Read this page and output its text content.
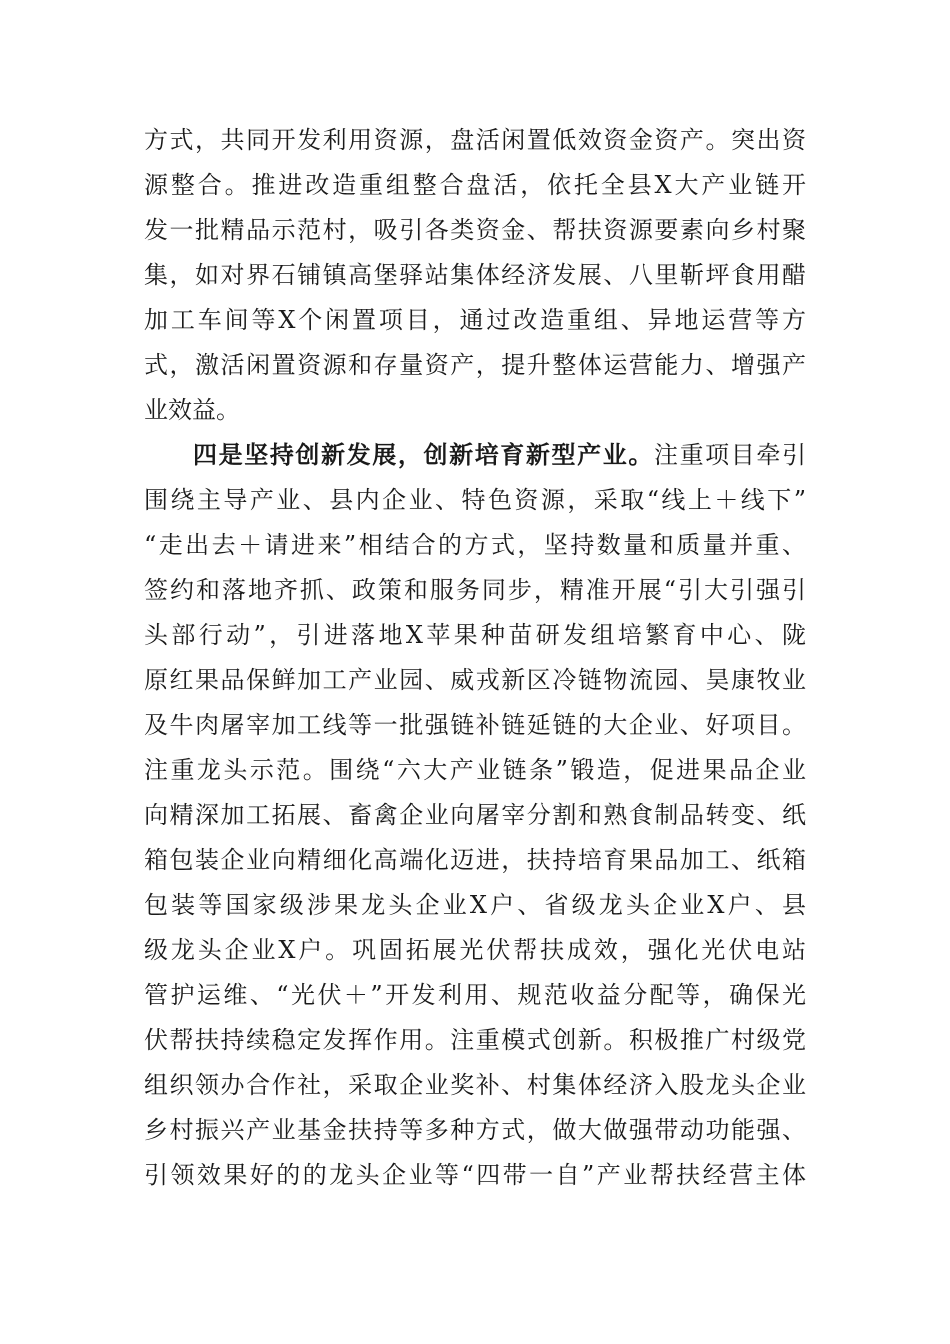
方式，共同开发利用资源，盘活闲置低效资金资产。突出资
源整合。推进改造重组整合盘活，依托全县X大产业链开
发一批精品示范村，吸引各类资金、帮扶资源要素向乡村聚
集，如对界石铺镇高堡驿站集体经济发展、八里靳坪食用醋
加工车间等X个闲置项目，通过改造重组、异地运营等方
式，激活闲置资源和存量资产，提升整体运营能力、增强产
业效益。
四是坚持创新发展，创新培育新型产业。注重项目牵引
围绕主导产业、县内企业、特色资源，采取“线上＋线下”
“走出去＋请进来”相结合的方式，坚持数量和质量并重、
签约和落地齐抓、政策和服务同步，精准开展“引大引强引
头部行动”，引进落地X苹果种苗研发组培繁育中心、陇
原红果品保鲜加工产业园、威戎新区冷链物流园、昊康牧业
及牛肉屠宰加工线等一批强链补链延链的大企业、好项目。
注重龙头示范。围绕“六大产业链条”锻造，促进果品企业
向精深加工拓展、畜禽企业向屠宰分割和熟食制品转变、纸
箱包装企业向精细化高端化迈进，扶持培育果品加工、纸箱
包装等国家级涉果龙头企业X户、省级龙头企业X户、县
级龙头企业X户。巩固拓展光伏帮扶成效，强化光伏电站
管护运维、“光伏＋”开发利用、规范收益分配等，确保光
伏帮扶持续稳定发挥作用。注重模式创新。积极推广村级党
组织领办合作社，采取企业奖补、村集体经济入股龙头企业
乡村振兴产业基金扶持等多种方式，做大做强带动功能强、
引领效果好的的龙头企业等“四带一自”产业帮扶经营主体
